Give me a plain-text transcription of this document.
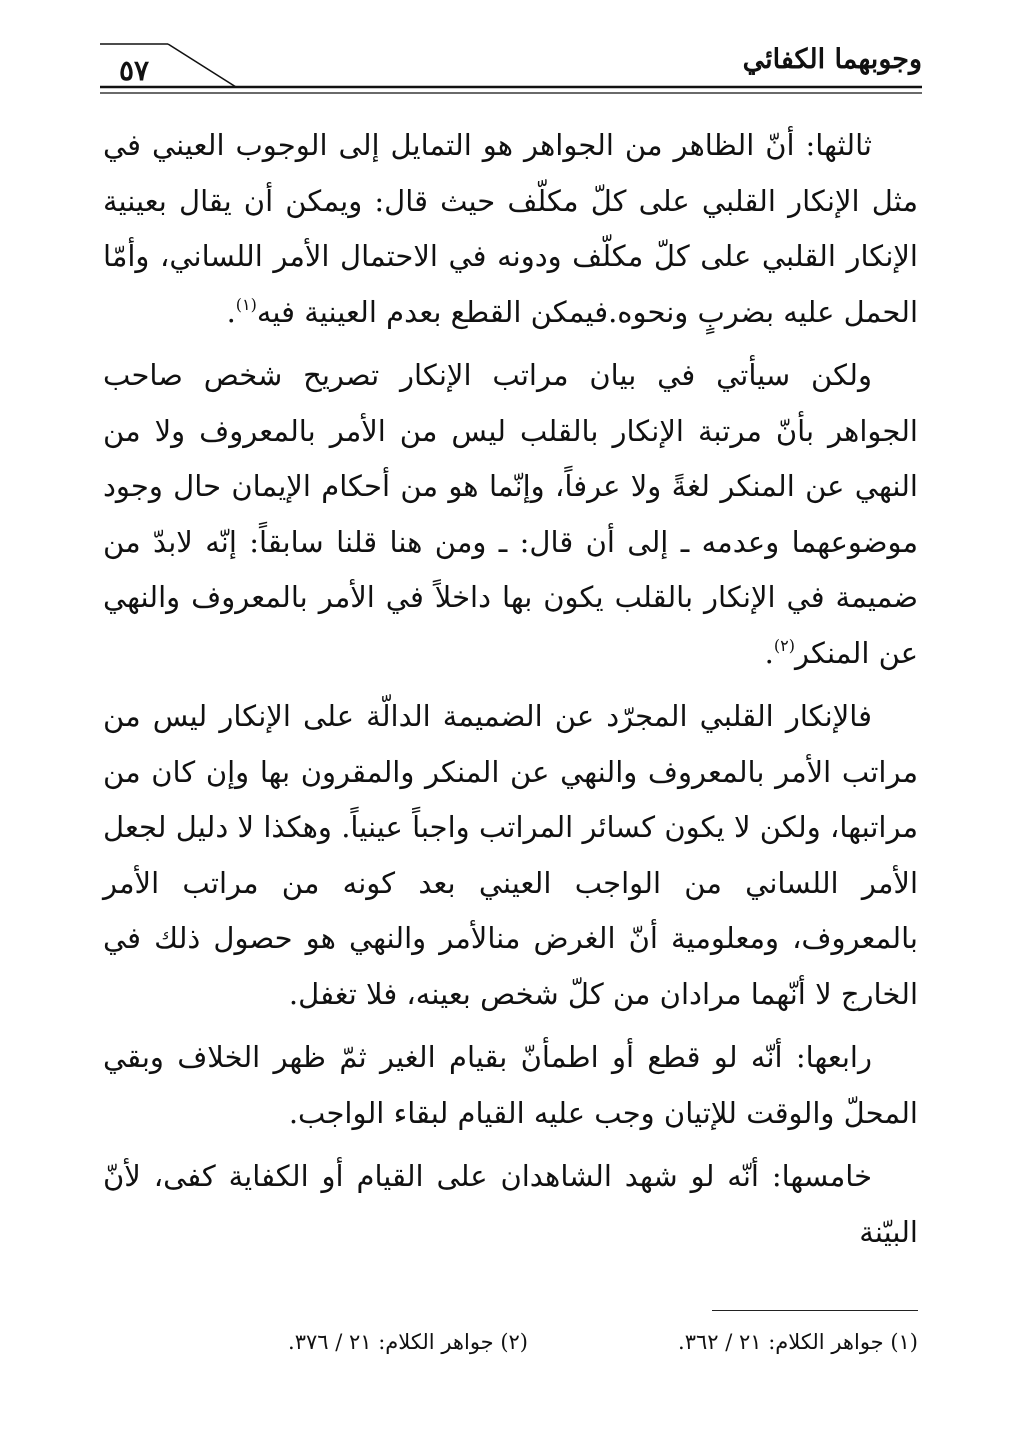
وجوبهما الكفائي
٥٧

ثالثها: أنّ الظاهر من الجواهر هو التمايل إلى الوجوب العيني في مثل الإنكار القلبي على كلّ مكلّف حيث قال: ويمكن أن يقال بعينية الإنكار القلبي على كلّ مكلّف ودونه في الاحتمال الأمر اللساني، وأمّا الحمل عليه بضربٍ ونحوه.فيمكن القطع بعدم العينية فيه$^{(١)}$.

ولكن سيأتي في بيان مراتب الإنكار تصريح شخص صاحب الجواهر بأنّ مرتبة الإنكار بالقلب ليس من الأمر بالمعروف ولا من النهي عن المنكر لغةً ولا عرفاً، وإنّما هو من أحكام الإيمان حال وجود موضوعهما وعدمه ـ إلى أن قال: ـ ومن هنا قلنا سابقاً: إنّه لابدّ من ضميمة في الإنكار بالقلب يكون بها داخلاً في الأمر بالمعروف والنهي عن المنكر$^{(٢)}$.

فالإنكار القلبي المجرّد عن الضميمة الدالّة على الإنكار ليس من مراتب الأمر بالمعروف والنهي عن المنكر والمقرون بها وإن كان من مراتبها، ولكن لا يكون كسائر المراتب واجباً عينياً. وهكذا لا دليل لجعل الأمر اللساني من الواجب العيني بعد كونه من مراتب الأمر بالمعروف، ومعلومية أنّ الغرض منالأمر والنهي هو حصول ذلك في الخارج لا أنّهما مرادان من كلّ شخص بعينه، فلا تغفل.

رابعها: أنّه لو قطع أو اطمأنّ بقيام الغير ثمّ ظهر الخلاف وبقي المحلّ والوقت للإتيان وجب عليه القيام لبقاء الواجب.

خامسها: أنّه لو شهد الشاهدان على القيام أو الكفاية كفى، لأنّ البيّنة

(١) جواهر الكلام: ٢١ / ٣٦٢.
(٢) جواهر الكلام: ٢١ / ٣٧٦.
